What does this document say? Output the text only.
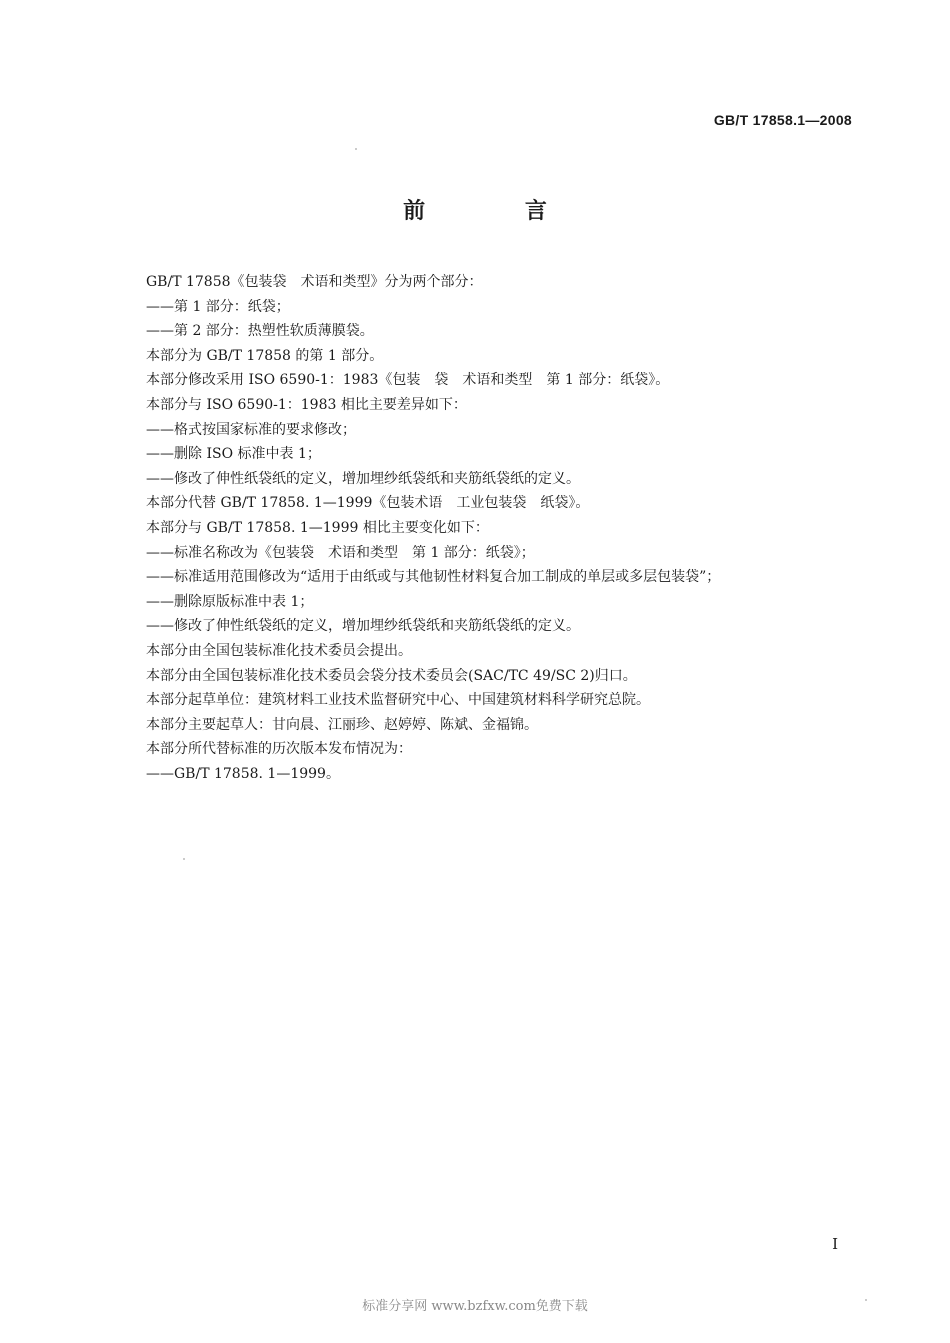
GB/T 17858.1—2008
前 言
GB/T 17858《包装袋　术语和类型》分为两个部分：
——第 1 部分：纸袋；
——第 2 部分：热塑性软质薄膜袋。
本部分为 GB/T 17858 的第 1 部分。
本部分修改采用 ISO 6590-1：1983《包装　袋　术语和类型　第 1 部分：纸袋》。
本部分与 ISO 6590-1：1983 相比主要差异如下：
——格式按国家标准的要求修改；
——删除 ISO 标准中表 1；
——修改了伸性纸袋纸的定义，增加埋纱纸袋纸和夹筋纸袋纸的定义。
本部分代替 GB/T 17858. 1—1999《包装术语　工业包装袋　纸袋》。
本部分与 GB/T 17858. 1—1999 相比主要变化如下：
——标准名称改为《包装袋　术语和类型　第 1 部分：纸袋》；
——标准适用范围修改为“适用于由纸或与其他韧性材料复合加工制成的单层或多层包装袋”；
——删除原版标准中表 1；
——修改了伸性纸袋纸的定义，增加埋纱纸袋纸和夹筋纸袋纸的定义。
本部分由全国包装标准化技术委员会提出。
本部分由全国包装标准化技术委员会袋分技术委员会(SAC/TC 49/SC 2)归口。
本部分起草单位：建筑材料工业技术监督研究中心、中国建筑材料科学研究总院。
本部分主要起草人：甘向晨、江丽珍、赵婷婷、陈斌、金福锦。
本部分所代替标准的历次版本发布情况为：
——GB/T 17858. 1—1999。
I
标准分享网 www.bzfxw.com免费下载
